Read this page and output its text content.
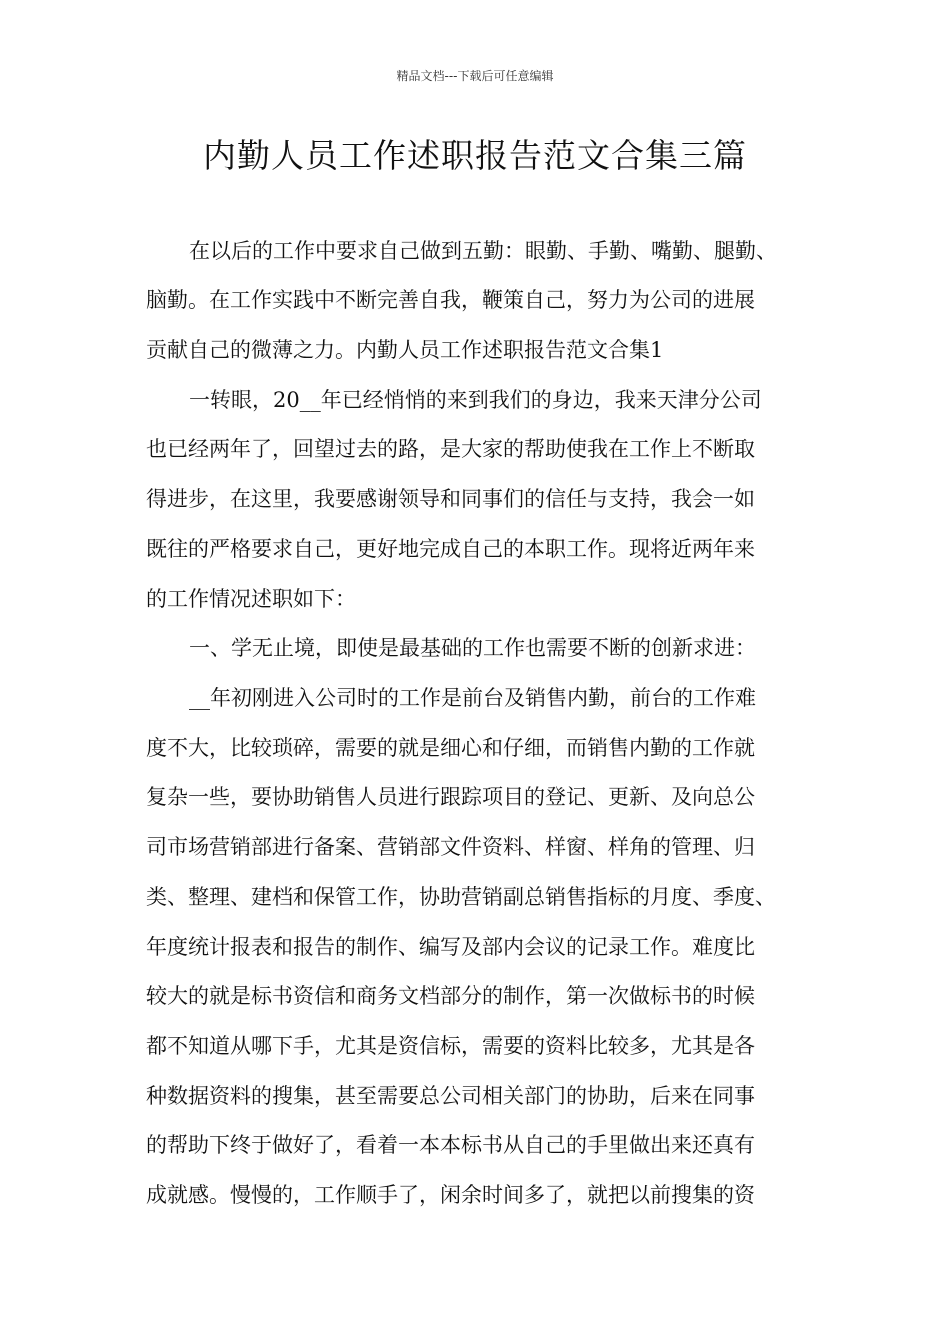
精品文档---下载后可任意编辑
内勤人员工作述职报告范文合集三篇
在以后的工作中要求自己做到五勤：眼勤、手勤、嘴勤、腿勤、
脑勤。在工作实践中不断完善自我，鞭策自己，努力为公司的进展
贡献自己的微薄之力。内勤人员工作述职报告范文合集1
一转眼，20__年已经悄悄的来到我们的身边，我来天津分公司
也已经两年了，回望过去的路，是大家的帮助使我在工作上不断取
得进步，在这里，我要感谢领导和同事们的信任与支持，我会一如
既往的严格要求自己，更好地完成自己的本职工作。现将近两年来
的工作情况述职如下：
一、学无止境，即使是最基础的工作也需要不断的创新求进：
__年初刚进入公司时的工作是前台及销售内勤，前台的工作难
度不大，比较琐碎，需要的就是细心和仔细，而销售内勤的工作就
复杂一些，要协助销售人员进行跟踪项目的登记、更新、及向总公
司市场营销部进行备案、营销部文件资料、样窗、样角的管理、归
类、整理、建档和保管工作，协助营销副总销售指标的月度、季度、
年度统计报表和报告的制作、编写及部内会议的记录工作。难度比
较大的就是标书资信和商务文档部分的制作，第一次做标书的时候
都不知道从哪下手，尤其是资信标，需要的资料比较多，尤其是各
种数据资料的搜集，甚至需要总公司相关部门的协助，后来在同事
的帮助下终于做好了，看着一本本标书从自己的手里做出来还真有
成就感。慢慢的，工作顺手了，闲余时间多了，就把以前搜集的资
